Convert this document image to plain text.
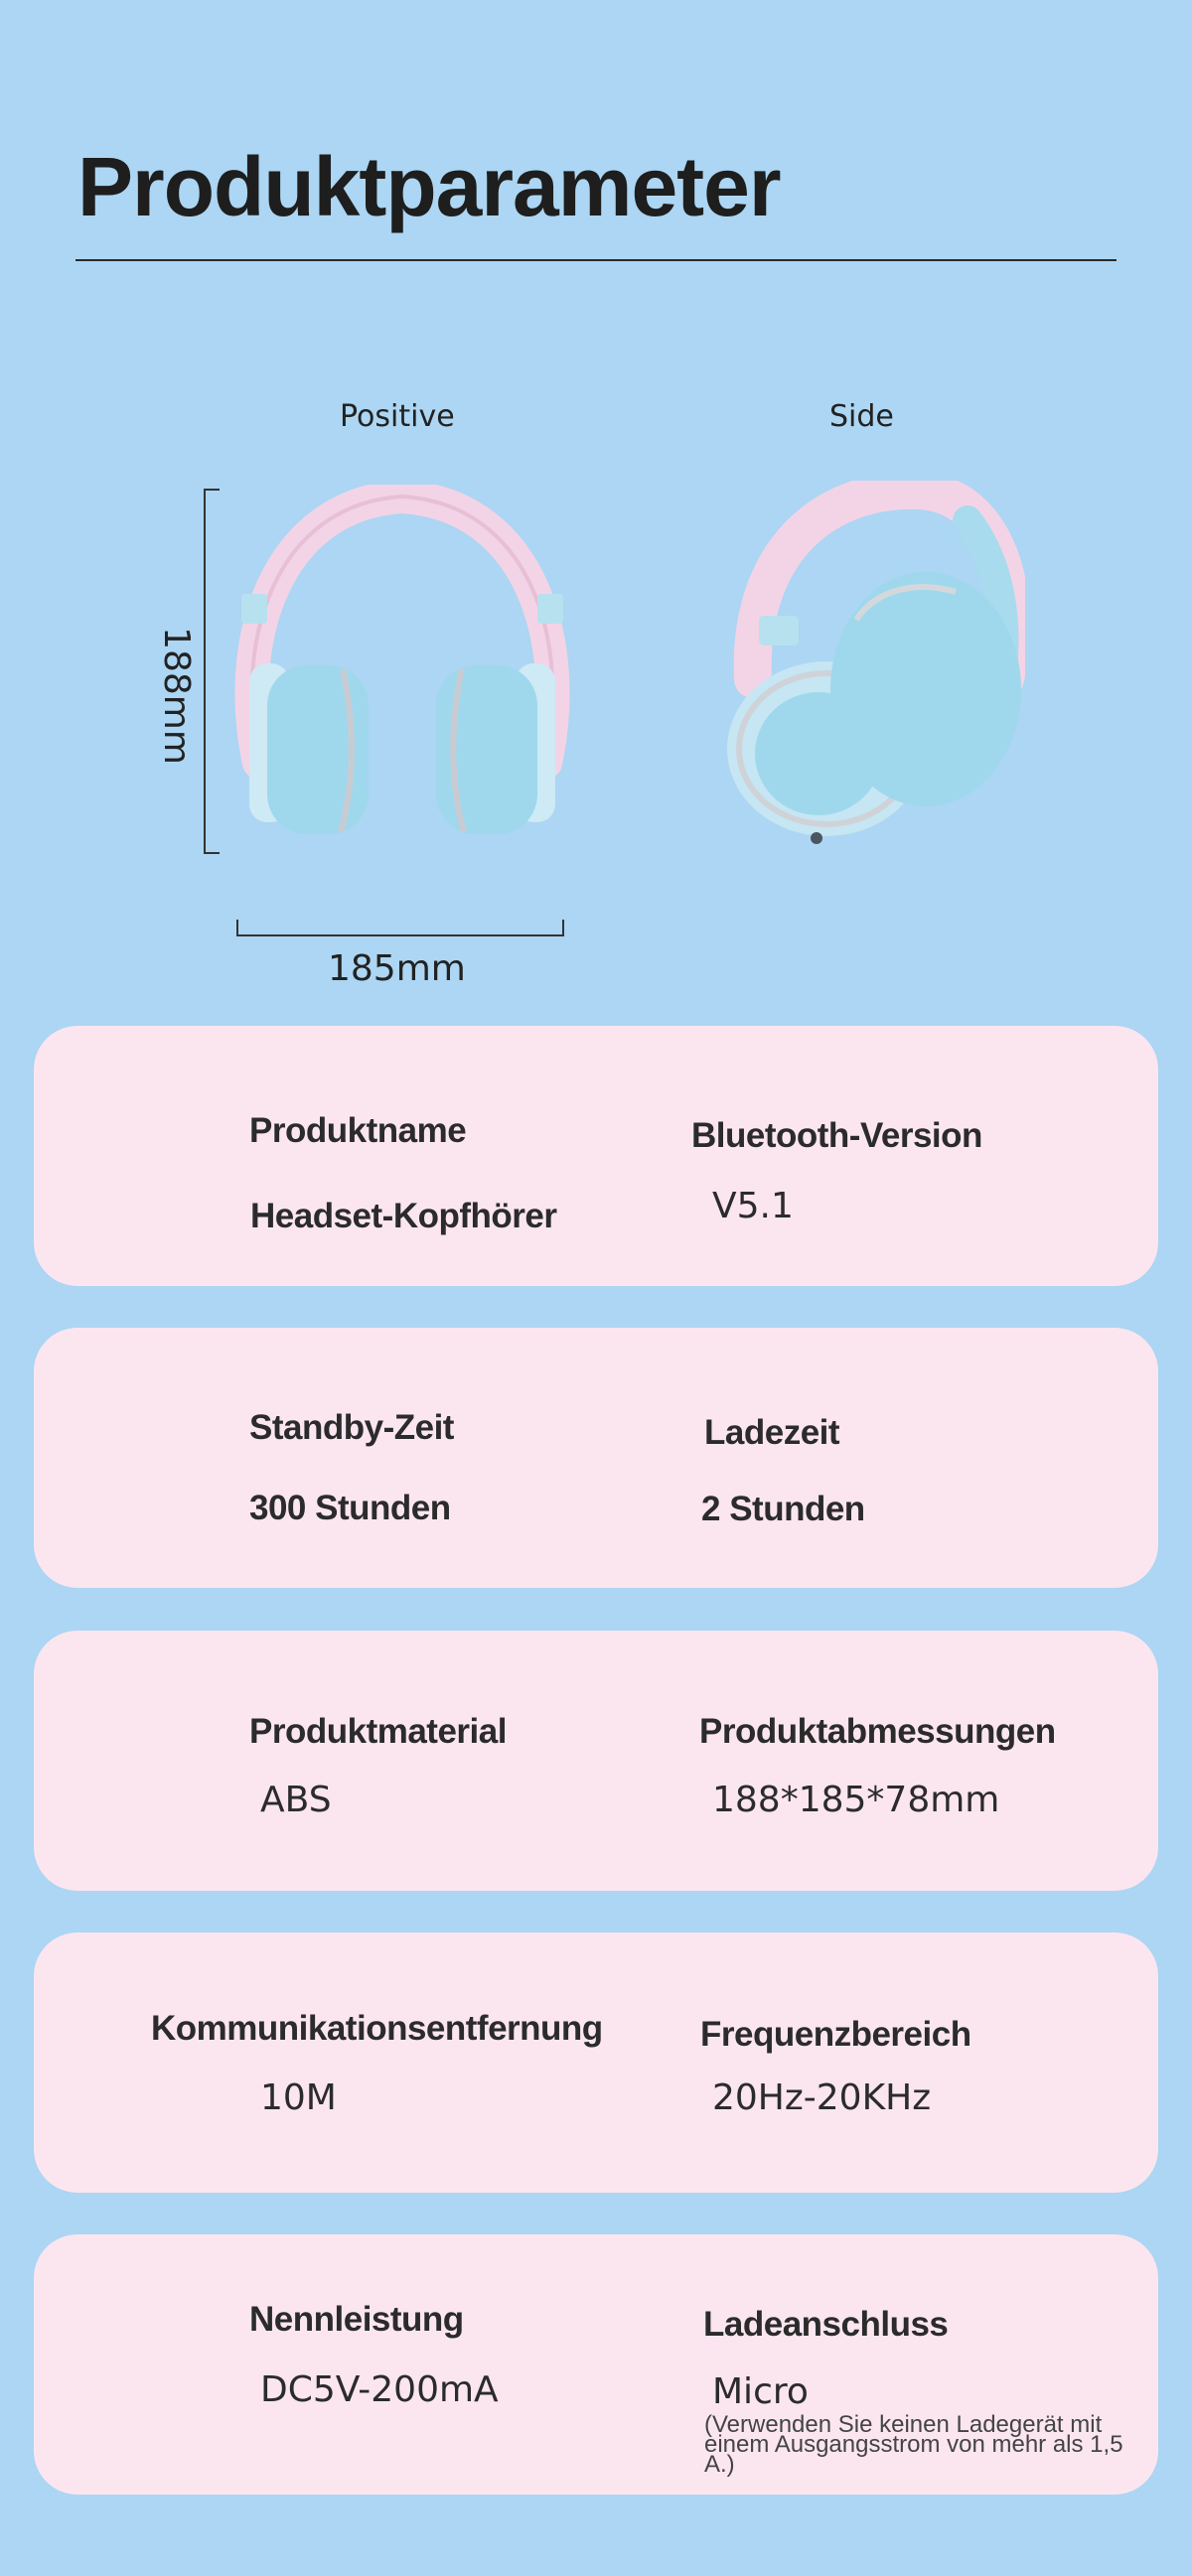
Produktparameter
Positive	Side
188mm
185mm
Produktname
Headset-Kopfhörer
Bluetooth-Version
V5.1
Standby-Zeit
300 Stunden
Ladezeit
2 Stunden
Produktmaterial
ABS
Produktabmessungen
188*185*78mm
Kommunikationsentfernung
10M
Frequenzbereich
20Hz-20KHz
Nennleistung
DC5V-200mA
Ladeanschluss
Micro
(Verwenden Sie keinen Ladegerät mit einem Ausgangsstrom von mehr als 1,5 A.)
